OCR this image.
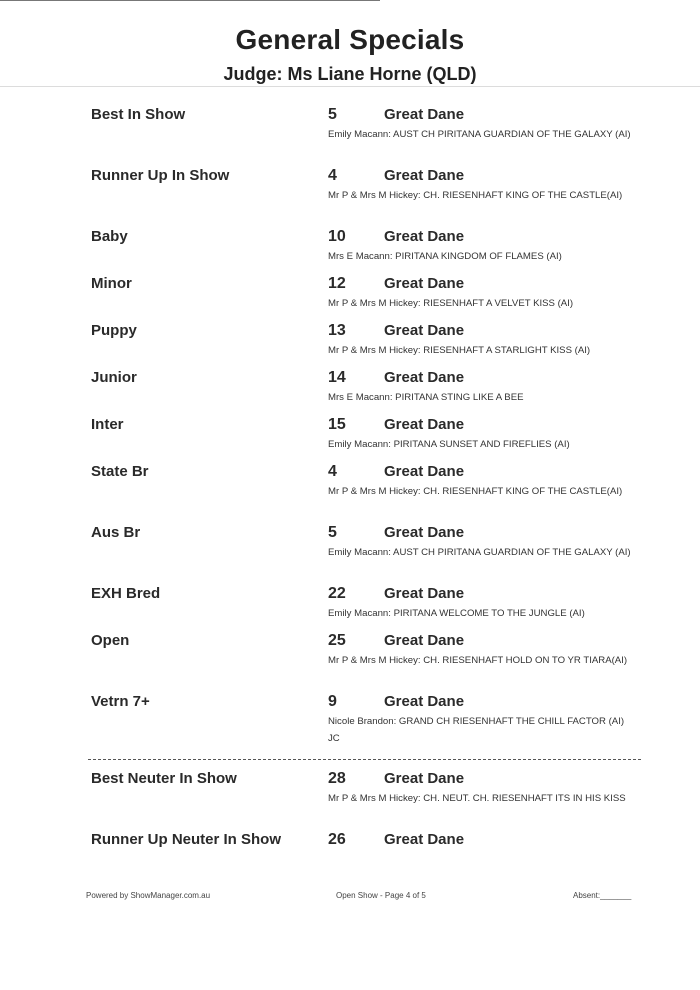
General Specials
Judge: Ms Liane Horne (QLD)
Best In Show	5	Great Dane
Emily Macann: AUST CH PIRITANA GUARDIAN OF THE GALAXY (AI)
Runner Up In Show	4	Great Dane
Mr P & Mrs M Hickey: CH. RIESENHAFT KING OF THE CASTLE(AI)
Baby	10	Great Dane
Mrs E Macann: PIRITANA KINGDOM OF FLAMES (AI)
Minor	12	Great Dane
Mr P & Mrs M Hickey: RIESENHAFT A VELVET KISS (AI)
Puppy	13	Great Dane
Mr P & Mrs M Hickey: RIESENHAFT A STARLIGHT KISS (AI)
Junior	14	Great Dane
Mrs E Macann: PIRITANA STING LIKE A BEE
Inter	15	Great Dane
Emily Macann: PIRITANA SUNSET AND FIREFLIES (AI)
State Br	4	Great Dane
Mr P & Mrs M Hickey: CH. RIESENHAFT KING OF THE CASTLE(AI)
Aus Br	5	Great Dane
Emily Macann: AUST CH PIRITANA GUARDIAN OF THE GALAXY (AI)
EXH Bred	22	Great Dane
Emily Macann: PIRITANA WELCOME TO THE JUNGLE (AI)
Open	25	Great Dane
Mr P & Mrs M Hickey: CH. RIESENHAFT HOLD ON TO YR TIARA(AI)
Vetrn 7+	9	Great Dane
Nicole Brandon: GRAND CH RIESENHAFT THE CHILL FACTOR (AI) JC
Best Neuter In Show	28	Great Dane
Mr P & Mrs M Hickey: CH. NEUT. CH. RIESENHAFT ITS IN HIS KISS
Runner Up Neuter In Show	26	Great Dane
Powered by ShowManager.com.au	Open Show - Page 4 of 5	Absent:_______
